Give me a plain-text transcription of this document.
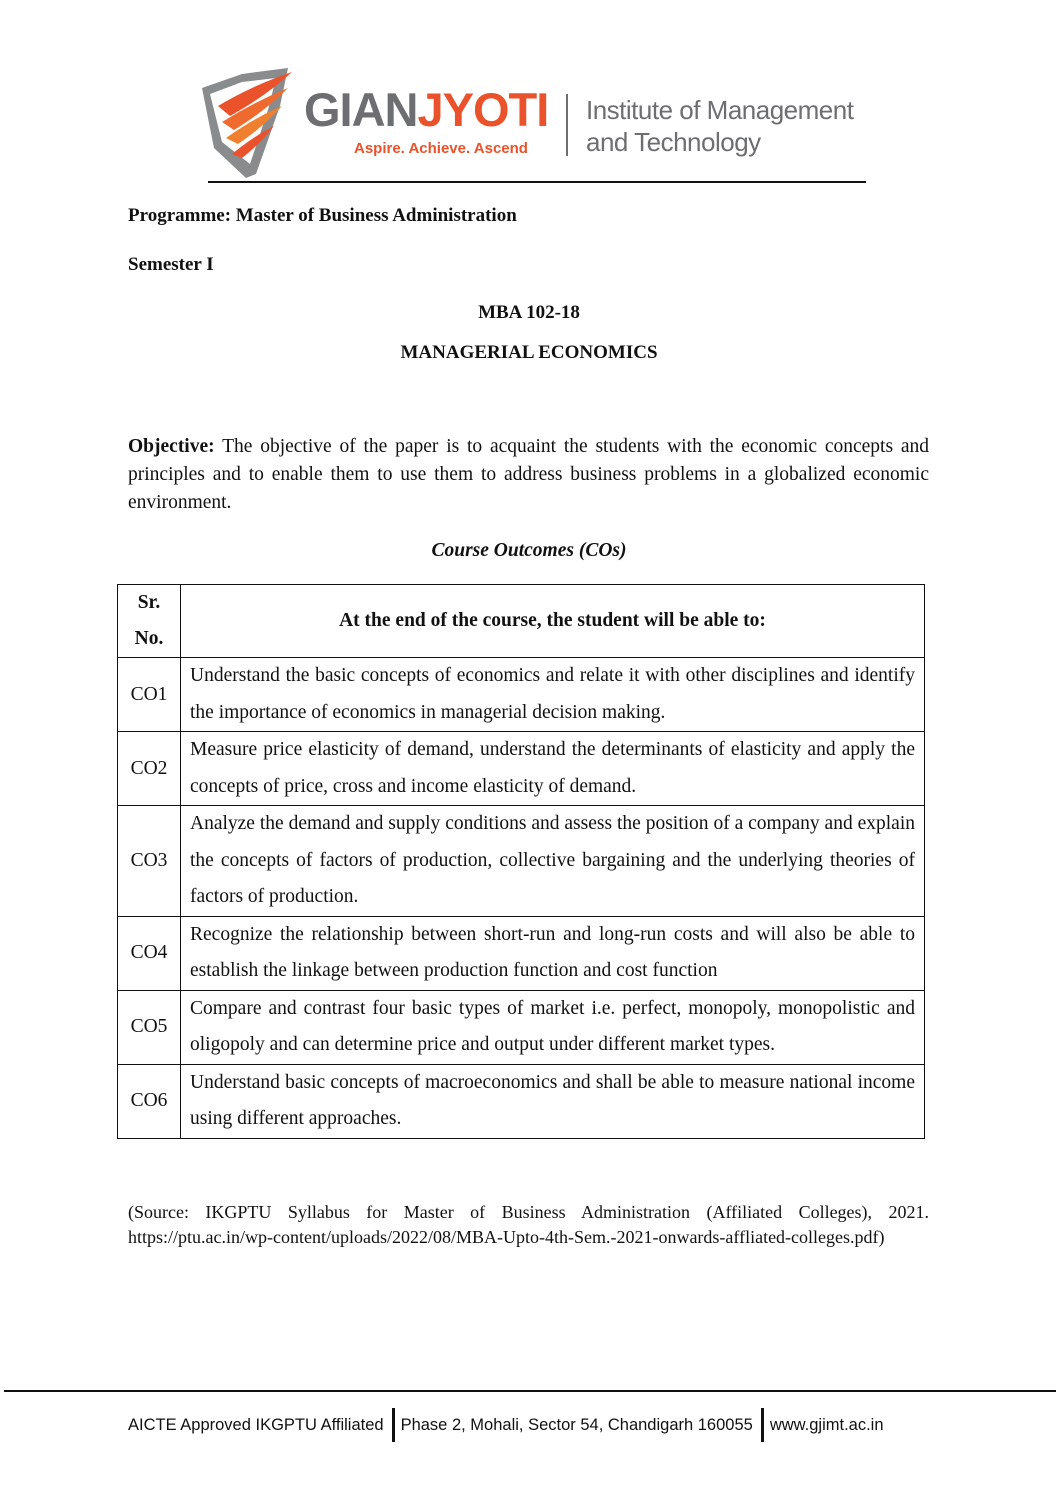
GIANJYOTI
Aspire. Achieve. Ascend
Institute of Management
and Technology
Programme: Master of Business Administration
Semester I
MBA 102-18
MANAGERIAL ECONOMICS
Objective: The objective of the paper is to acquaint the students with the economic concepts and principles and to enable them to use them to address business problems in a globalized economic environment.
Course Outcomes (COs)
Sr.
No.	At the end of the course, the student will be able to:
CO1	Understand the basic concepts of economics and relate it with other disciplines and identify the importance of economics in managerial decision making.
CO2	Measure price elasticity of demand, understand the determinants of elasticity and apply the concepts of price, cross and income elasticity of demand.
CO3	Analyze the demand and supply conditions and assess the position of a company and explain the concepts of factors of production, collective bargaining and the underlying theories of factors of production.
CO4	Recognize the relationship between short-run and long-run costs and will also be able to establish the linkage between production function and cost function
CO5	Compare and contrast four basic types of market i.e. perfect, monopoly, monopolistic and oligopoly and can determine price and output under different market types.
CO6	Understand basic concepts of macroeconomics and shall be able to measure national income using different approaches.
(Source: IKGPTU Syllabus for Master of Business Administration (Affiliated Colleges), 2021. https://ptu.ac.in/wp-content/uploads/2022/08/MBA-Upto-4th-Sem.-2021-onwards-affliated-colleges.pdf)
AICTE Approved IKGPTU Affiliated Phase 2, Mohali, Sector 54, Chandigarh 160055 www.gjimt.ac.in
